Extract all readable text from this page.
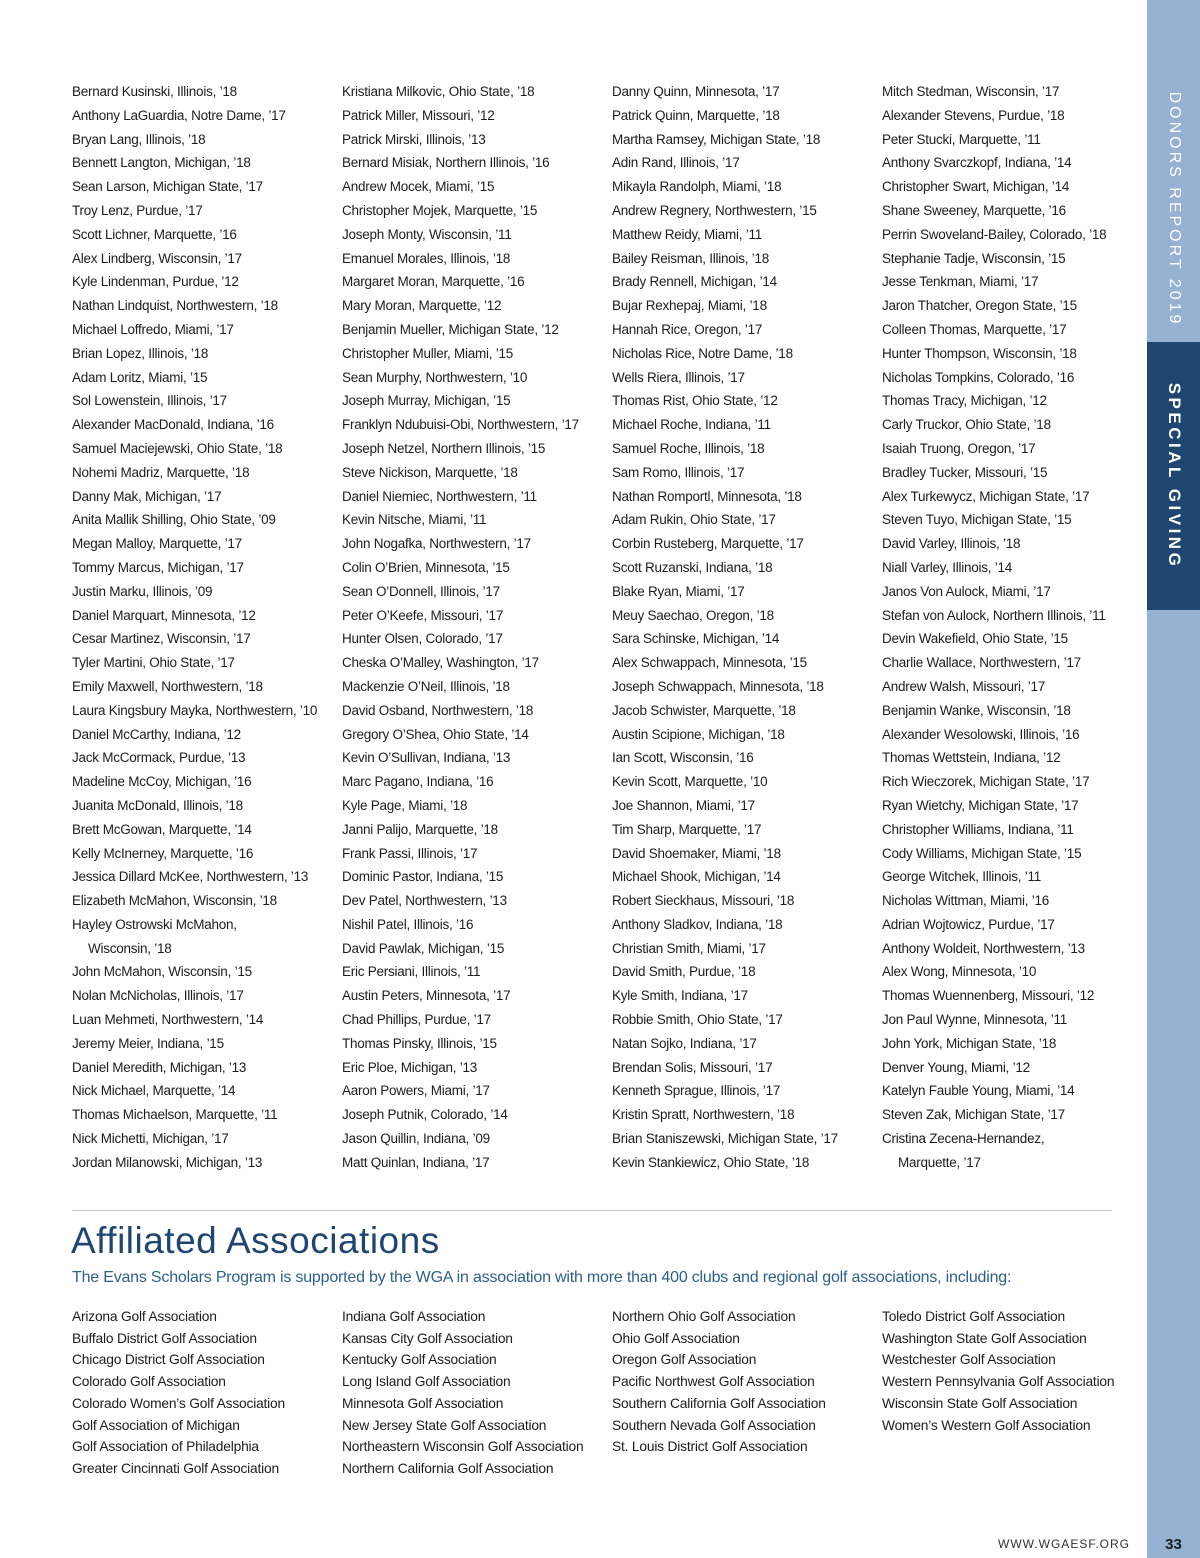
Bernard Kusinski, Illinois, ’18
Anthony LaGuardia, Notre Dame, ’17
Bryan Lang, Illinois, ’18
Bennett Langton, Michigan, ’18
Sean Larson, Michigan State, ’17
Troy Lenz, Purdue, ’17
Scott Lichner, Marquette, ’16
Alex Lindberg, Wisconsin, ’17
Kyle Lindenman, Purdue, ’12
Nathan Lindquist, Northwestern, ’18
Michael Loffredo, Miami, ’17
Brian Lopez, Illinois, ’18
Adam Loritz, Miami, ’15
Sol Lowenstein, Illinois, ’17
Alexander MacDonald, Indiana, ’16
Samuel Maciejewski, Ohio State, ’18
Nohemi Madriz, Marquette, ’18
Danny Mak, Michigan, ’17
Anita Mallik Shilling, Ohio State, ’09
Megan Malloy, Marquette, ’17
Tommy Marcus, Michigan, ’17
Justin Marku, Illinois, ’09
Daniel Marquart, Minnesota, ’12
Cesar Martinez, Wisconsin, ’17
Tyler Martini, Ohio State, ’17
Emily Maxwell, Northwestern, ’18
Laura Kingsbury Mayka, Northwestern, ’10
Daniel McCarthy, Indiana, ’12
Jack McCormack, Purdue, ’13
Madeline McCoy, Michigan, ’16
Juanita McDonald, Illinois, ’18
Brett McGowan, Marquette, ’14
Kelly McInerney, Marquette, ’16
Jessica Dillard McKee, Northwestern, ’13
Elizabeth McMahon, Wisconsin, ’18
Hayley Ostrowski McMahon,
Wisconsin, ’18
John McMahon, Wisconsin, ’15
Nolan McNicholas, Illinois, ’17
Luan Mehmeti, Northwestern, ’14
Jeremy Meier, Indiana, ’15
Daniel Meredith, Michigan, ’13
Nick Michael, Marquette, ’14
Thomas Michaelson, Marquette, ’11
Nick Michetti, Michigan, ’17
Jordan Milanowski, Michigan, ’13
Kristiana Milkovic, Ohio State, ’18
Patrick Miller, Missouri, ’12
Patrick Mirski, Illinois, ’13
Bernard Misiak, Northern Illinois, ’16
Andrew Mocek, Miami, ’15
Christopher Mojek, Marquette, ’15
Joseph Monty, Wisconsin, ’11
Emanuel Morales, Illinois, ’18
Margaret Moran, Marquette, ’16
Mary Moran, Marquette, ’12
Benjamin Mueller, Michigan State, ’12
Christopher Muller, Miami, ’15
Sean Murphy, Northwestern, ’10
Joseph Murray, Michigan, ’15
Franklyn Ndubuisi-Obi, Northwestern, ’17
Joseph Netzel, Northern Illinois, ’15
Steve Nickison, Marquette, ’18
Daniel Niemiec, Northwestern, ’11
Kevin Nitsche, Miami, ’11
John Nogafka, Northwestern, ’17
Colin O’Brien, Minnesota, ’15
Sean O’Donnell, Illinois, ’17
Peter O’Keefe, Missouri, ’17
Hunter Olsen, Colorado, ’17
Cheska O’Malley, Washington, ’17
Mackenzie O’Neil, Illinois, ’18
David Osband, Northwestern, ’18
Gregory O’Shea, Ohio State, ’14
Kevin O’Sullivan, Indiana, ’13
Marc Pagano, Indiana, ’16
Kyle Page, Miami, ’18
Janni Palijo, Marquette, ’18
Frank Passi, Illinois, ’17
Dominic Pastor, Indiana, ’15
Dev Patel, Northwestern, ’13
Nishil Patel, Illinois, ’16
David Pawlak, Michigan, ’15
Eric Persiani, Illinois, ’11
Austin Peters, Minnesota, ’17
Chad Phillips, Purdue, ’17
Thomas Pinsky, Illinois, ’15
Eric Ploe, Michigan, ’13
Aaron Powers, Miami, ’17
Joseph Putnik, Colorado, ’14
Jason Quillin, Indiana, ’09
Matt Quinlan, Indiana, ’17
Danny Quinn, Minnesota, ’17
Patrick Quinn, Marquette, ’18
Martha Ramsey, Michigan State, ’18
Adin Rand, Illinois, ’17
Mikayla Randolph, Miami, ’18
Andrew Regnery, Northwestern, ’15
Matthew Reidy, Miami, ’11
Bailey Reisman, Illinois, ’18
Brady Rennell, Michigan, ’14
Bujar Rexhepaj, Miami, ’18
Hannah Rice, Oregon, ’17
Nicholas Rice, Notre Dame, ’18
Wells Riera, Illinois, ’17
Thomas Rist, Ohio State, ’12
Michael Roche, Indiana, ’11
Samuel Roche, Illinois, ’18
Sam Romo, Illinois, ’17
Nathan Romportl, Minnesota, ’18
Adam Rukin, Ohio State, ’17
Corbin Rusteberg, Marquette, ’17
Scott Ruzanski, Indiana, ’18
Blake Ryan, Miami, ’17
Meuy Saechao, Oregon, ’18
Sara Schinske, Michigan, ’14
Alex Schwappach, Minnesota, ’15
Joseph Schwappach, Minnesota, ’18
Jacob Schwister, Marquette, ’18
Austin Scipione, Michigan, ’18
Ian Scott, Wisconsin, ’16
Kevin Scott, Marquette, ’10
Joe Shannon, Miami, ’17
Tim Sharp, Marquette, ’17
David Shoemaker, Miami, ’18
Michael Shook, Michigan, ’14
Robert Sieckhaus, Missouri, ’18
Anthony Sladkov, Indiana, ’18
Christian Smith, Miami, ’17
David Smith, Purdue, ’18
Kyle Smith, Indiana, ’17
Robbie Smith, Ohio State, ’17
Natan Sojko, Indiana, ’17
Brendan Solis, Missouri, ’17
Kenneth Sprague, Illinois, ’17
Kristin Spratt, Northwestern, ’18
Brian Staniszewski, Michigan State, ’17
Kevin Stankiewicz, Ohio State, ’18
Mitch Stedman, Wisconsin, ’17
Alexander Stevens, Purdue, ’18
Peter Stucki, Marquette, ’11
Anthony Svarczkopf, Indiana, ’14
Christopher Swart, Michigan, ’14
Shane Sweeney, Marquette, ’16
Perrin Swoveland-Bailey, Colorado, ’18
Stephanie Tadje, Wisconsin, ’15
Jesse Tenkman, Miami, ’17
Jaron Thatcher, Oregon State, ’15
Colleen Thomas, Marquette, ’17
Hunter Thompson, Wisconsin, ’18
Nicholas Tompkins, Colorado, ’16
Thomas Tracy, Michigan, ’12
Carly Truckor, Ohio State, ’18
Isaiah Truong, Oregon, ’17
Bradley Tucker, Missouri, ’15
Alex Turkewycz, Michigan State, ’17
Steven Tuyo, Michigan State, ’15
David Varley, Illinois, ’18
Niall Varley, Illinois, ’14
Janos Von Aulock, Miami, ’17
Stefan von Aulock, Northern Illinois, ’11
Devin Wakefield, Ohio State, ’15
Charlie Wallace, Northwestern, ’17
Andrew Walsh, Missouri, ’17
Benjamin Wanke, Wisconsin, ’18
Alexander Wesolowski, Illinois, ’16
Thomas Wettstein, Indiana, ’12
Rich Wieczorek, Michigan State, ’17
Ryan Wietchy, Michigan State, ’17
Christopher Williams, Indiana, ’11
Cody Williams, Michigan State, ’15
George Witchek, Illinois, ’11
Nicholas Wittman, Miami, ’16
Adrian Wojtowicz, Purdue, ’17
Anthony Woldeit, Northwestern, ’13
Alex Wong, Minnesota, ’10
Thomas Wuennenberg, Missouri, ’12
Jon Paul Wynne, Minnesota, ’11
John York, Michigan State, ’18
Denver Young, Miami, ’12
Katelyn Fauble Young, Miami, ’14
Steven Zak, Michigan State, ’17
Cristina Zecena-Hernandez,
Marquette, ’17
Affiliated Associations
The Evans Scholars Program is supported by the WGA in association with more than 400 clubs and regional golf associations, including:
Arizona Golf Association
Buffalo District Golf Association
Chicago District Golf Association
Colorado Golf Association
Colorado Women’s Golf Association
Golf Association of Michigan
Golf Association of Philadelphia
Greater Cincinnati Golf Association
Indiana Golf Association
Kansas City Golf Association
Kentucky Golf Association
Long Island Golf Association
Minnesota Golf Association
New Jersey State Golf Association
Northeastern Wisconsin Golf Association
Northern California Golf Association
Northern Ohio Golf Association
Ohio Golf Association
Oregon Golf Association
Pacific Northwest Golf Association
Southern California Golf Association
Southern Nevada Golf Association
St. Louis District Golf Association
Toledo District Golf Association
Washington State Golf Association
Westchester Golf Association
Western Pennsylvania Golf Association
Wisconsin State Golf Association
Women’s Western Golf Association
DONORS REPORT 2019
SPECIAL GIVING
33
WWW.WGAESF.ORG
